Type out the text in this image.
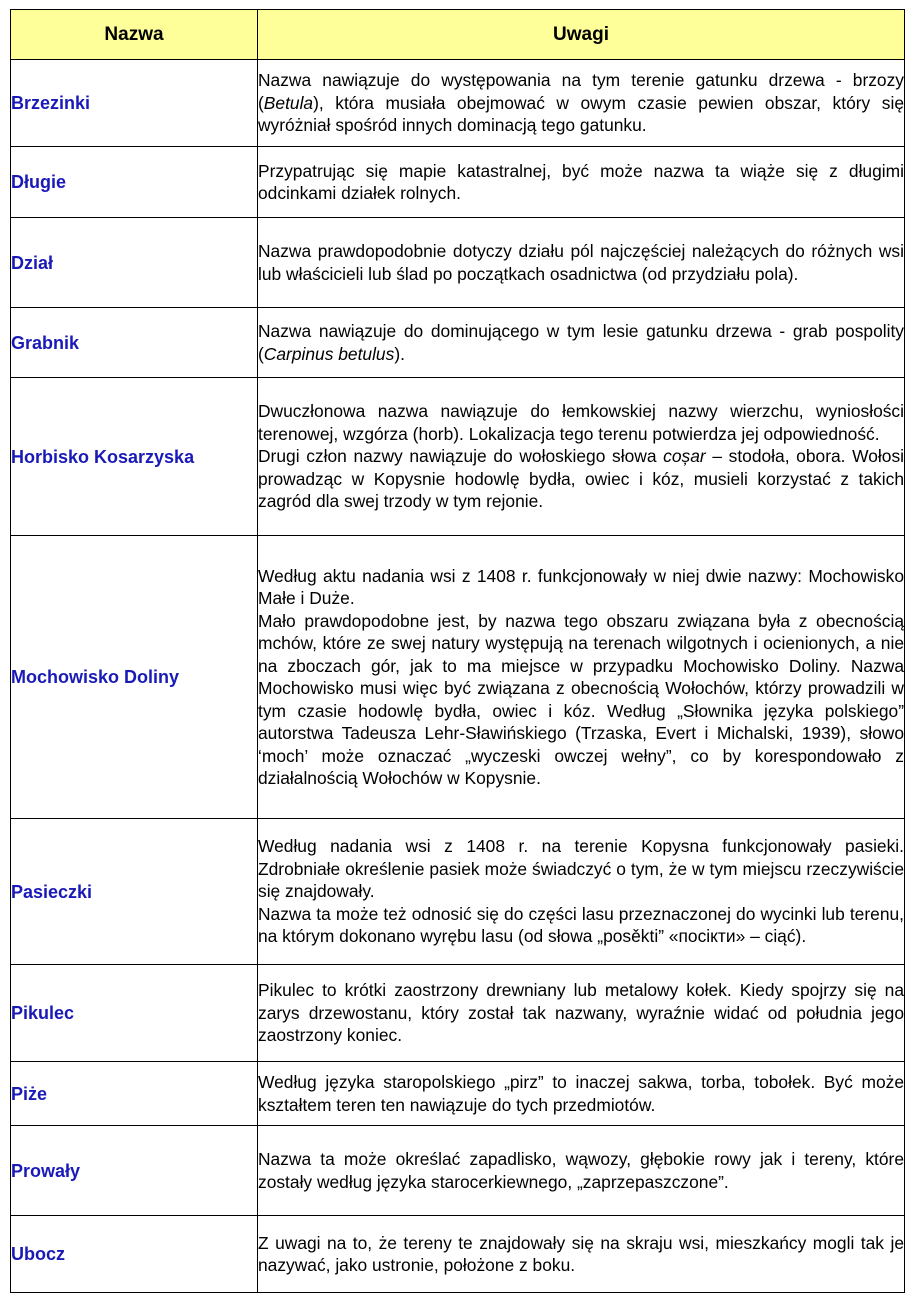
Nazwa	Uwagi
Brzezinki	Nazwa nawiązuje do występowania na tym terenie gatunku drzewa - brzozy (Betula), która musiała obejmować w owym czasie pewien obszar, który się wyróżniał spośród innych dominacją tego gatunku.

Długie	Przypatrując się mapie katastralnej, być może nazwa ta wiąże się z długimi odcinkami działek rolnych.

Dział	Nazwa prawdopodobnie dotyczy działu pól najczęściej należących do różnych wsi lub właścicieli lub ślad po początkach osadnictwa (od przydziału pola).

Grabnik	Nazwa nawiązuje do dominującego w tym lesie gatunku drzewa - grab pospolity (Carpinus betulus).

Horbisko Kosarzyska	Dwuczłonowa nazwa nawiązuje do łemkowskiej nazwy wierzchu, wyniosłości terenowej, wzgórza (horb). Lokalizacja tego terenu potwierdza jej odpowiedność.
Drugi człon nazwy nawiązuje do wołoskiego słowa coșar – stodoła, obora. Wołosi prowadząc w Kopysnie hodowlę bydła, owiec i kóz, musieli korzystać z takich zagród dla swej trzody w tym rejonie.

Mochowisko Doliny	Według aktu nadania wsi z 1408 r. funkcjonowały w niej dwie nazwy: Mochowisko Małe i Duże.
Mało prawdopodobne jest, by nazwa tego obszaru związana była z obecnością mchów, które ze swej natury występują na terenach wilgotnych i ocienionych, a nie na zboczach gór, jak to ma miejsce w przypadku Mochowisko Doliny. Nazwa Mochowisko musi więc być związana z obecnością Wołochów, którzy prowadzili w tym czasie hodowlę bydła, owiec i kóz. Według „Słownika języka polskiego” autorstwa Tadeusza Lehr-Sławińskiego (Trzaska, Evert i Michalski, 1939), słowo ‘moch’ może oznaczać „wyczeski owczej wełny”, co by korespondowało z działalnością Wołochów w Kopysnie.

Pasieczki	Według nadania wsi z 1408 r. na terenie Kopysna funkcjonowały pasieki. Zdrobniałe określenie pasiek może świadczyć o tym, że w tym miejscu rzeczywiście się znajdowały.
Nazwa ta może też odnosić się do części lasu przeznaczonej do wycinki lub terenu, na którym dokonano wyrębu lasu (od słowa „posěkti” «посікти» – ciąć).

Pikulec	Pikulec to krótki zaostrzony drewniany lub metalowy kołek. Kiedy spojrzy się na zarys drzewostanu, który został tak nazwany, wyraźnie widać od południa jego zaostrzony koniec.

Piże	Według języka staropolskiego „pirz” to inaczej sakwa, torba, tobołek. Być może kształtem teren ten nawiązuje do tych przedmiotów.

Prowały	Nazwa ta może określać zapadlisko, wąwozy, głębokie rowy jak i tereny, które zostały według języka starocerkiewnego, „zaprzepaszczone”.

Ubocz	Z uwagi na to, że tereny te znajdowały się na skraju wsi, mieszkańcy mogli tak je nazywać, jako ustronie, położone z boku.
